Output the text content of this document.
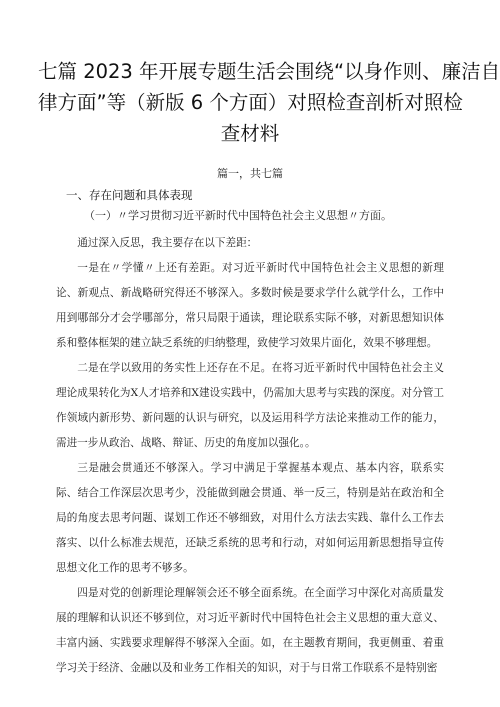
七篇 2023 年开展专题生活会围绕“以身作则、廉洁自
律方面”等（新版 6 个方面）对照检查剖析对照检
查材料
篇一，共七篇
一、存在问题和具体表现
（一）〃学习贯彻习近平新时代中国特色社会主义思想〃方面。

通过深入反思，我主要存在以下差距：

一是在〃学懂〃上还有差距。对习近平新时代中国特色社会主义思想的新理论、新观点、新战略研究得还不够深入。多数时候是要求学什么就学什么，工作中用到哪部分才会学哪部分，常只局限于通读，理论联系实际不够，对新思想知识体系和整体框架的建立缺乏系统的归纳整理，致使学习效果片面化，效果不够理想。

二是在学以致用的务实性上还存在不足。在将习近平新时代中国特色社会主义理论成果转化为X人才培养和X建设实践中，仍需加大思考与实践的深度。对分管工作领域内新形势、新问题的认识与研究，以及运用科学方法论来推动工作的能力，需进一步从政治、战略、辩证、历史的角度加以强化。。

三是融会贯通还不够深入。学习中满足于掌握基本观点、基本内容，联系实际、结合工作深层次思考少，没能做到融会贯通、举一反三，特别是站在政治和全局的角度去思考问题、谋划工作还不够细致，对用什么方法去实践、靠什么工作去落实、以什么标准去规范，还缺乏系统的思考和行动，对如何运用新思想指导宣传思想文化工作的思考不够多。

四是对党的创新理论理解领会还不够全面系统。在全面学习中深化对高质量发展的理解和认识还不够到位，对习近平新时代中国特色社会主义思想的重大意义、丰富内涵、实践要求理解得不够深入全面。如，在主题教育期间，我更侧重、着重学习关于经济、金融以及和业务工作相关的知识，对于与日常工作联系不是特别密
